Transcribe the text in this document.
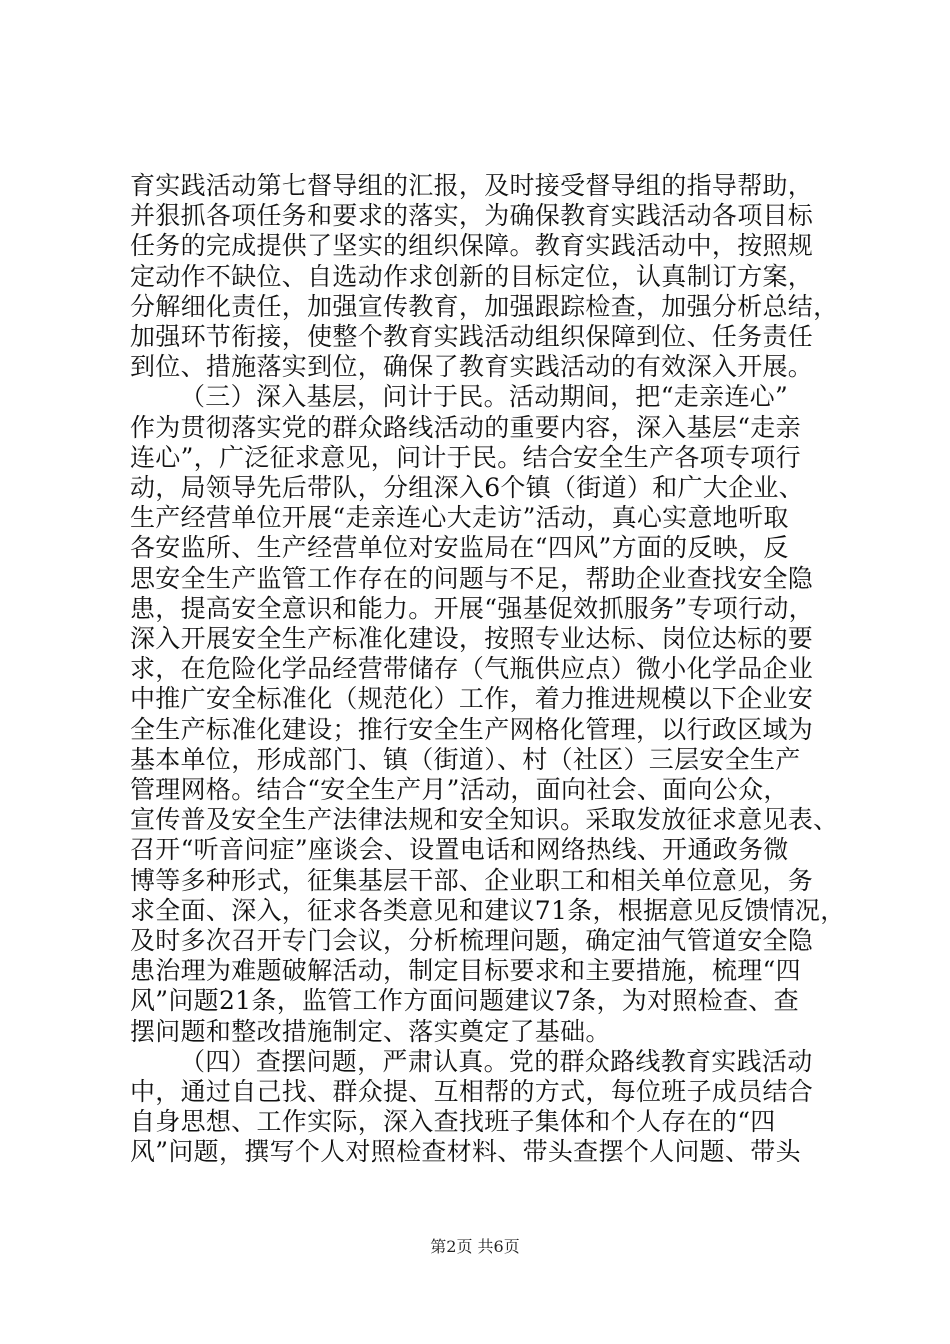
育实践活动第七督导组的汇报，及时接受督导组的指导帮助，
并狠抓各项任务和要求的落实，为确保教育实践活动各项目标
任务的完成提供了坚实的组织保障。教育实践活动中，按照规
定动作不缺位、自选动作求创新的目标定位，认真制订方案，
分解细化责任，加强宣传教育，加强跟踪检查，加强分析总结，
加强环节衔接，使整个教育实践活动组织保障到位、任务责任
到位、措施落实到位，确保了教育实践活动的有效深入开展。
（三）深入基层，问计于民。活动期间，把“走亲连心”
作为贯彻落实党的群众路线活动的重要内容，深入基层“走亲
连心”，广泛征求意见，问计于民。结合安全生产各项专项行
动，局领导先后带队，分组深入6个镇（街道）和广大企业、
生产经营单位开展“走亲连心大走访”活动，真心实意地听取
各安监所、生产经营单位对安监局在“四风”方面的反映，反
思安全生产监管工作存在的问题与不足，帮助企业查找安全隐
患，提高安全意识和能力。开展“强基促效抓服务”专项行动，
深入开展安全生产标准化建设，按照专业达标、岗位达标的要
求，在危险化学品经营带储存（气瓶供应点）微小化学品企业
中推广安全标准化（规范化）工作，着力推进规模以下企业安
全生产标准化建设；推行安全生产网格化管理，以行政区域为
基本单位，形成部门、镇（街道）、村（社区）三层安全生产
管理网格。结合“安全生产月”活动，面向社会、面向公众，
宣传普及安全生产法律法规和安全知识。采取发放征求意见表、
召开“听音问症”座谈会、设置电话和网络热线、开通政务微
博等多种形式，征集基层干部、企业职工和相关单位意见，务
求全面、深入，征求各类意见和建议71条，根据意见反馈情况，
及时多次召开专门会议，分析梳理问题，确定油气管道安全隐
患治理为难题破解活动，制定目标要求和主要措施，梳理“四
风”问题21条，监管工作方面问题建议7条，为对照检查、查
摆问题和整改措施制定、落实奠定了基础。
（四）查摆问题，严肃认真。党的群众路线教育实践活动
中，通过自己找、群众提、互相帮的方式，每位班子成员结合
自身思想、工作实际，深入查找班子集体和个人存在的“四
风”问题，撰写个人对照检查材料、带头查摆个人问题、带头
第2页 共6页
